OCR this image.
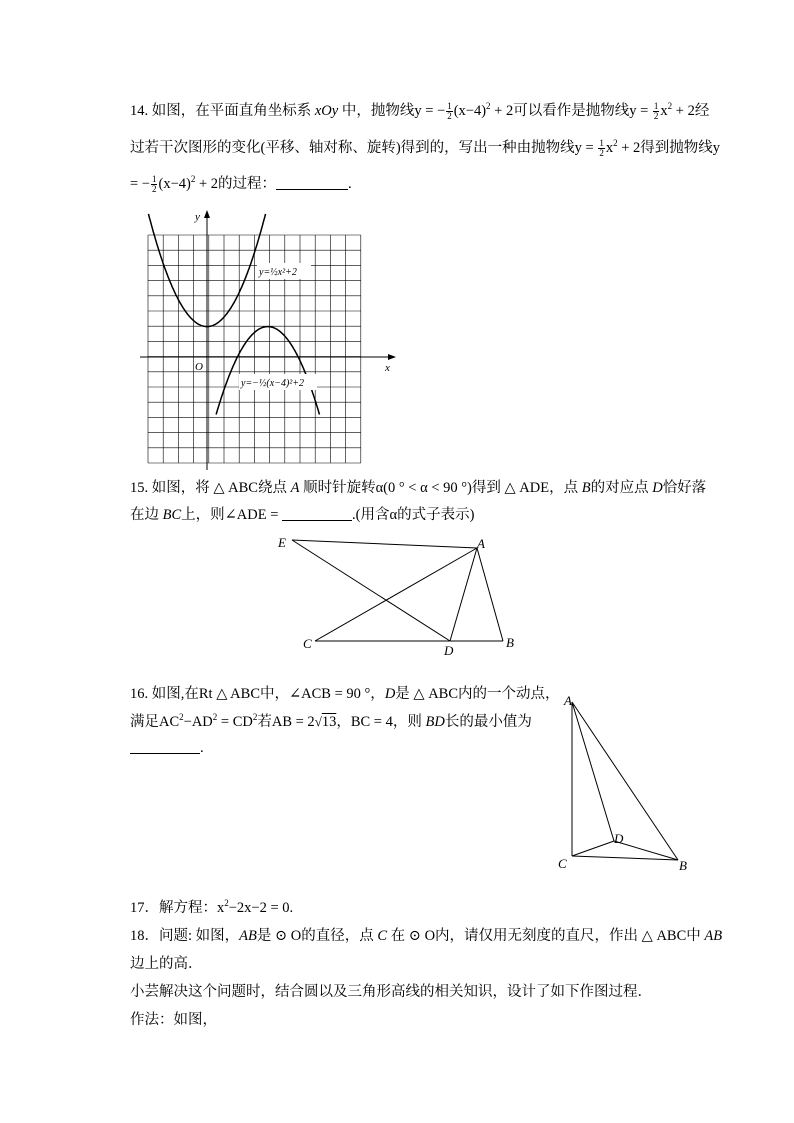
14. 如图，在平面直角坐标系 xOy 中，抛物线y = − $\frac{1}{2} (x-4)^2 + 2$可以看作是抛物线$y = \frac{1}{2} x^2 + 2$经
过若干次图形的变化(平移、轴对称、旋转)得到的，写出一种由抛物线$y = \frac{1}{2} x^2 + 2$得到抛物线y
= − $\frac{1}{2} (x-4)^2 + 2$的过程：	.
y
x
O
y=½x²+2
y=−½(x−4)²+2
15. 如图，将 △ ABC绕点 A 顺时针旋转α(0 ° < α < 90 °)得到 △ ADE，点 B的对应点 D恰好落
在边 BC上，则∠ADE =	.(用含α的式子表示)
E	A
C	D
B
16. 如图,在Rt △ ABC中，∠ACB = 90 °，D是 △ ABC内的一个动点，
满足$AC^2-AD^2 = CD^2$若AB = 2√13，BC = 4，则 BD长的最小值为
.
A
D
C	B
17．解方程：$x^2-2x-2 = 0$.
18．问题: 如图，AB是 ⊙ O的直径，点 C 在 ⊙ O内，请仅用无刻度的直尺，作出 △ ABC中 AB
边上的高．
小芸解决这个问题时，结合圆以及三角形高线的相关知识，设计了如下作图过程．
作法：如图，
